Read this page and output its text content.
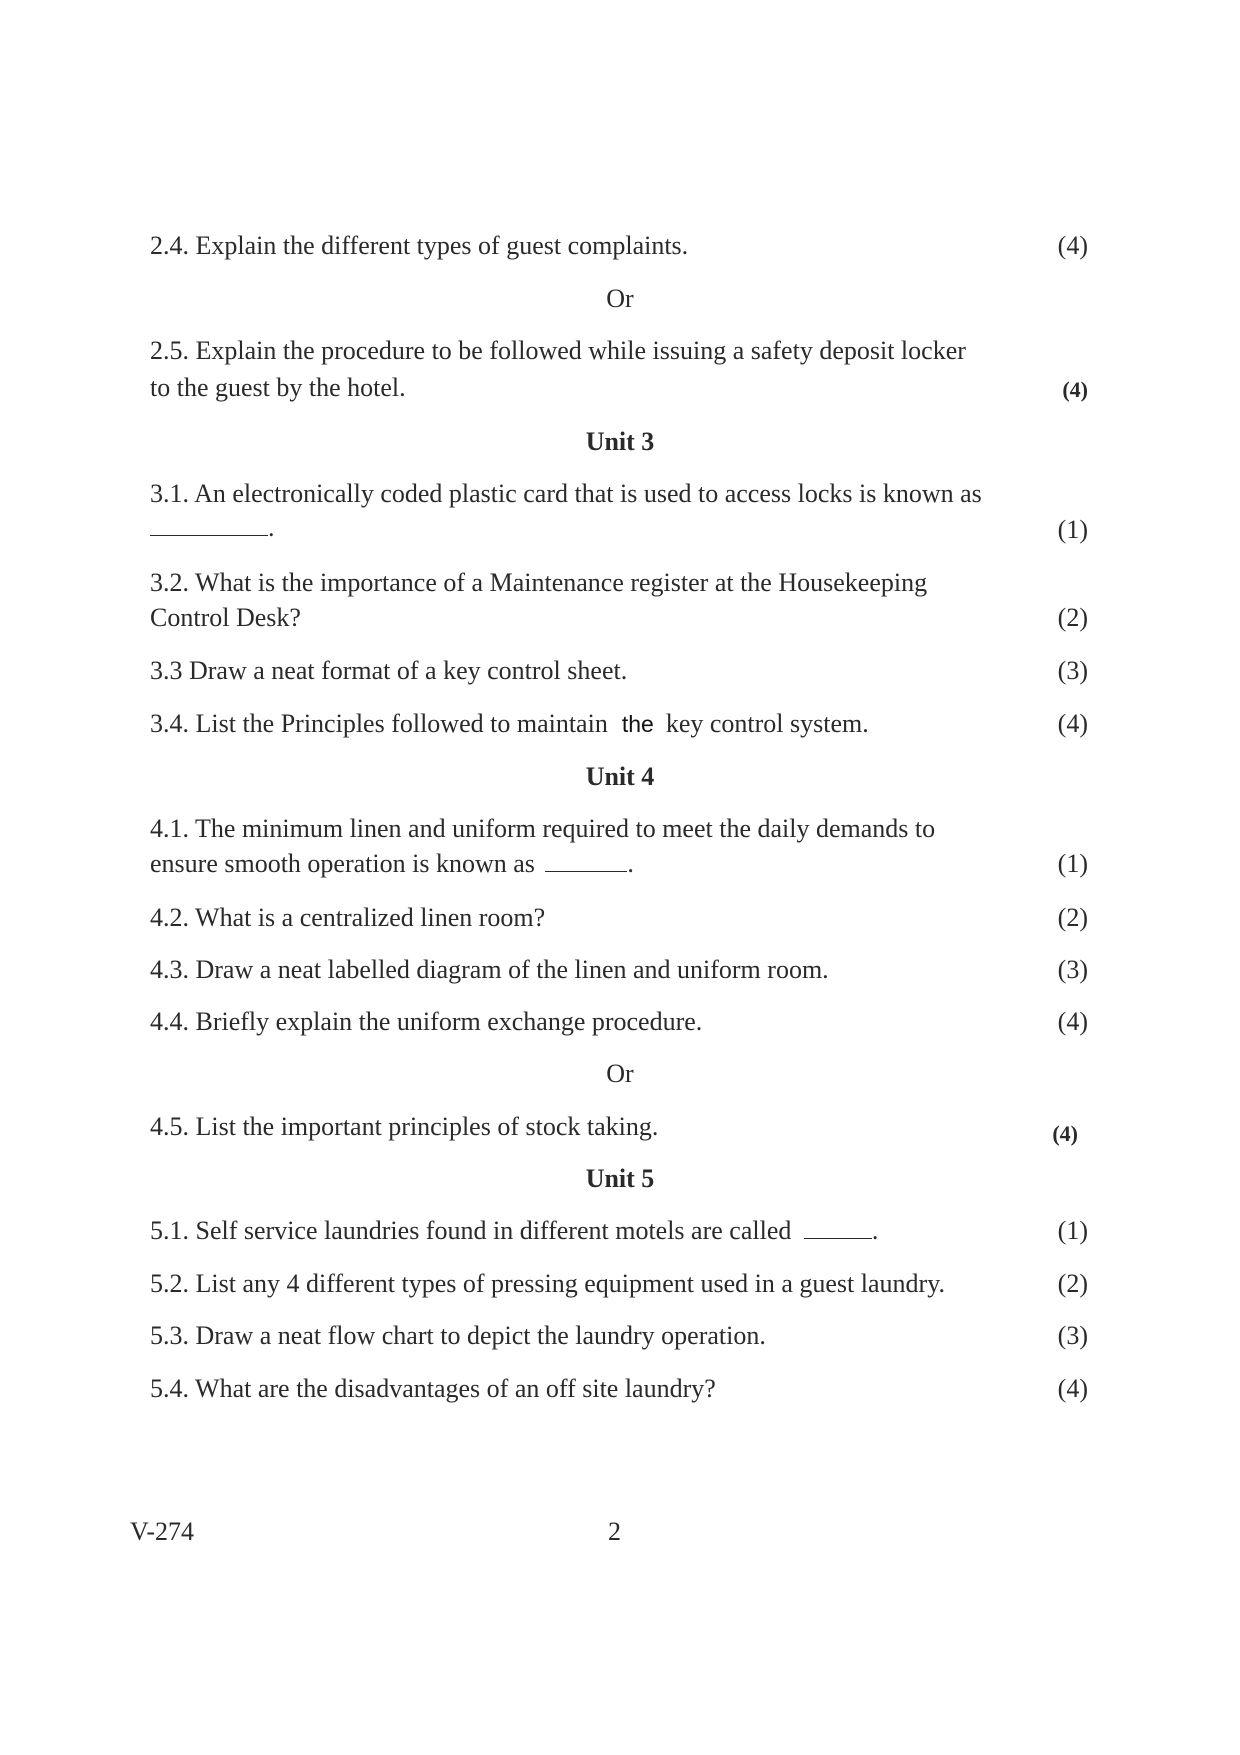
2.4. Explain the different types of guest complaints.	(4)
Or
2.5. Explain the procedure to be followed while issuing a safety deposit locker
to the guest by the hotel.	(4)
Unit 3
3.1. An electronically coded plastic card that is used to access locks is known as
.	(1)
3.2. What is the importance of a Maintenance register at the Housekeeping
Control Desk?	(2)
3.3 Draw a neat format of a key control sheet.	(3)
3.4. List the Principles followed to maintain the key control system.	(4)
Unit 4
4.1. The minimum linen and uniform required to meet the daily demands to
ensure smooth operation is known as	.	(1)
4.2. What is a centralized linen room?	(2)
4.3. Draw a neat labelled diagram of the linen and uniform room.	(3)
4.4. Briefly explain the uniform exchange procedure.	(4)
Or
4.5. List the important principles of stock taking.	(4)
Unit 5
5.1. Self service laundries found in different motels are called	.	(1)
5.2. List any 4 different types of pressing equipment used in a guest laundry.	(2)
5.3. Draw a neat flow chart to depict the laundry operation.	(3)
5.4. What are the disadvantages of an off site laundry?	(4)
V-274	2
